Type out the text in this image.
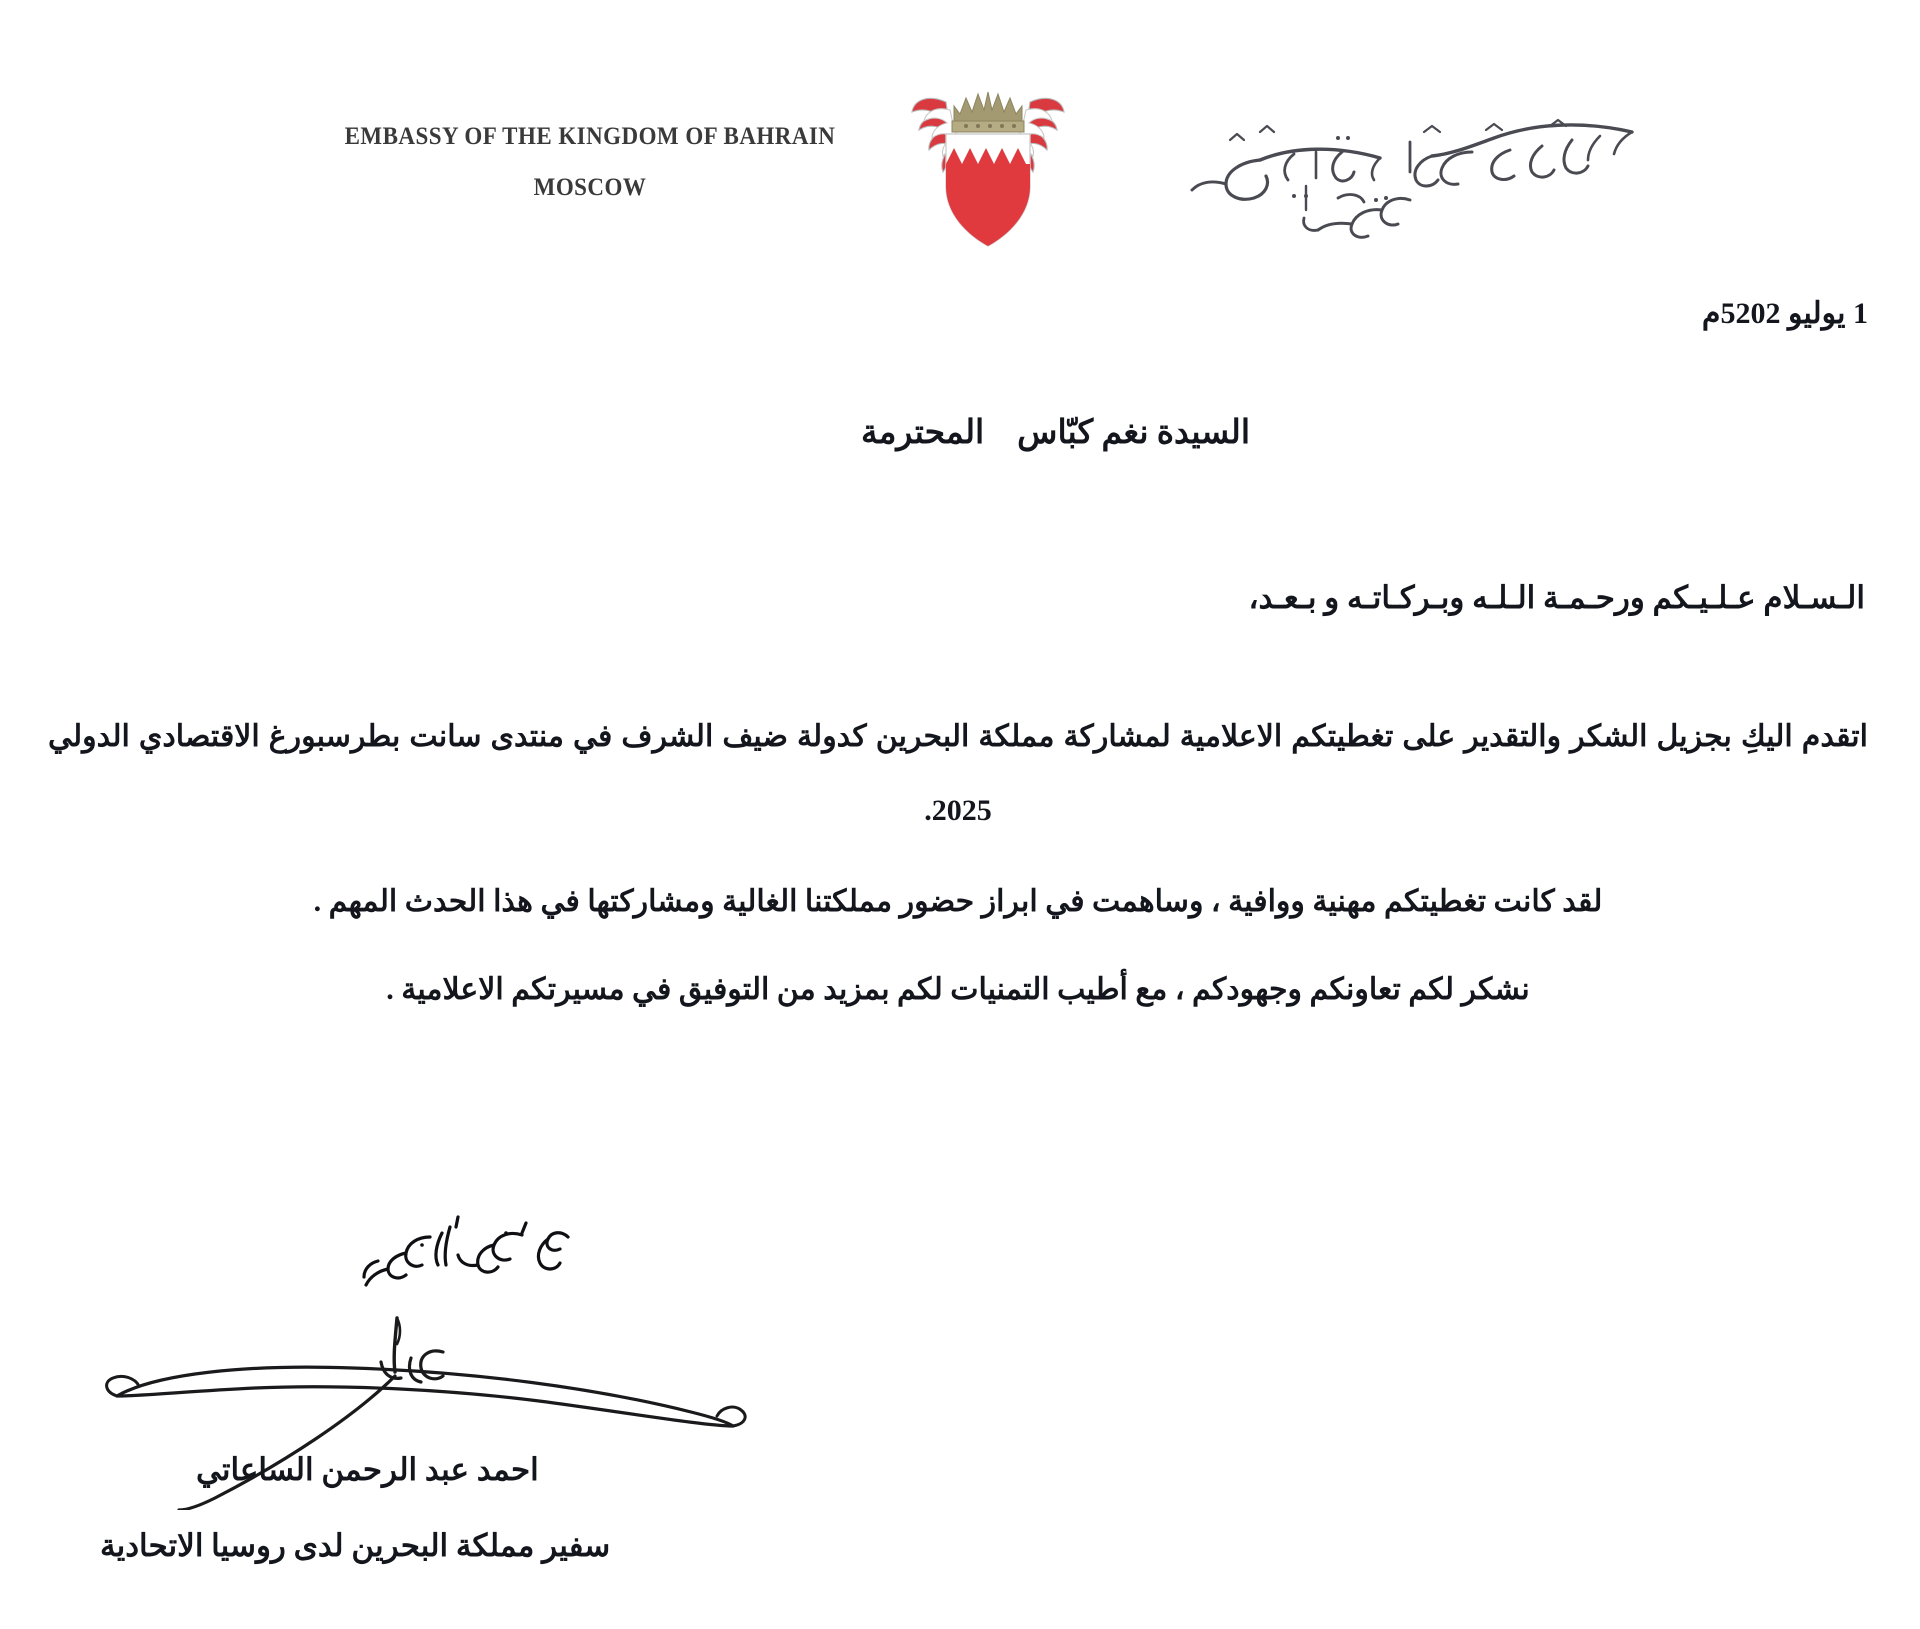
EMBASSY OF THE KINGDOM OF BAHRAIN
MOSCOW
1 يوليو 2025م
السيدة نغم كبّاس    المحترمة
الـسـلام عـلـيـكم ورحـمـة الـلـه وبـركـاتـه و بـعـد،

اتقدم اليكِ بجزيل الشكر والتقدير على تغطيتكم الاعلامية لمشاركة مملكة البحرين كدولة ضيف الشرف في منتدى سانت بطرسبورغ الاقتصادي الدولي 2025.

لقد كانت تغطيتكم مهنية ووافية ، وساهمت في ابراز حضور مملكتنا الغالية ومشاركتها في هذا الحدث المهم .

نشكر لكم تعاونكم وجهودكم ، مع أطيب التمنيات لكم بمزيد من التوفيق في مسيرتكم الاعلامية .

احمد عبد الرحمن الساعاتي
سفير مملكة البحرين لدى روسيا الاتحادية
